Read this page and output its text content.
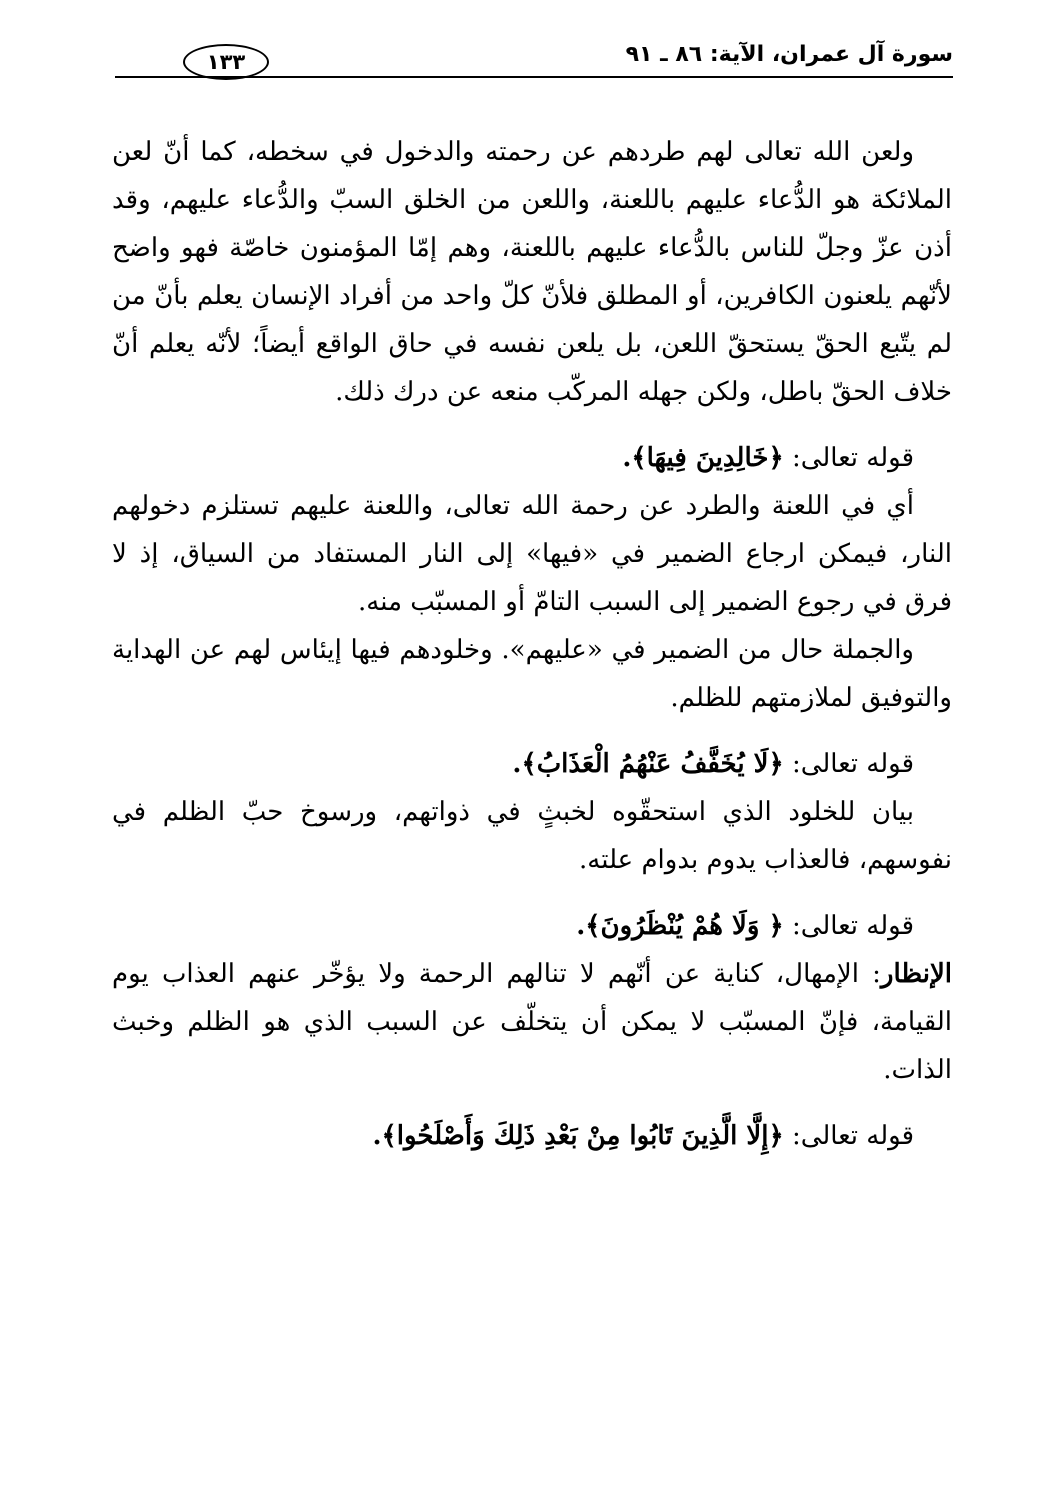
سورة آل عمران، الآية: ٨٦ ـ ٩١
١٣٣

ولعن الله تعالى لهم طردهم عن رحمته والدخول في سخطه، كما أنّ لعن الملائكة هو الدُّعاء عليهم باللعنة، واللعن من الخلق السبّ والدُّعاء عليهم، وقد أذن عزّ وجلّ للناس بالدُّعاء عليهم باللعنة، وهم إمّا المؤمنون خاصّة فهو واضح لأنّهم يلعنون الكافرين، أو المطلق فلأنّ كلّ واحد من أفراد الإنسان يعلم بأنّ من لم يتّبع الحقّ يستحقّ اللعن، بل يلعن نفسه في حاق الواقع أيضاً؛ لأنّه يعلم أنّ خلاف الحقّ باطل، ولكن جهله المركّب منعه عن درك ذلك.

قوله تعالى: ﴿خَالِدِينَ فِيهَا﴾.

أي في اللعنة والطرد عن رحمة الله تعالى، واللعنة عليهم تستلزم دخولهم النار، فيمكن ارجاع الضمير في «فيها» إلى النار المستفاد من السياق، إذ لا فرق في رجوع الضمير إلى السبب التامّ أو المسبّب منه.

والجملة حال من الضمير في «عليهم». وخلودهم فيها إيئاس لهم عن الهداية والتوفيق لملازمتهم للظلم.

قوله تعالى: ﴿لَا يُخَفَّفُ عَنْهُمُ الْعَذَابُ﴾.

بيان للخلود الذي استحقّوه لخبثٍ في ذواتهم، ورسوخ حبّ الظلم في نفوسهم، فالعذاب يدوم بدوام علته.

قوله تعالى: ﴿ وَلَا هُمْ يُنْظَرُونَ﴾.

الإنظار: الإمهال، كناية عن أنّهم لا تنالهم الرحمة ولا يؤخّر عنهم العذاب يوم القيامة، فإنّ المسبّب لا يمكن أن يتخلّف عن السبب الذي هو الظلم وخبث الذات.

قوله تعالى: ﴿إِلَّا الَّذِينَ تَابُوا مِنْ بَعْدِ ذَلِكَ وَأَصْلَحُوا﴾.
